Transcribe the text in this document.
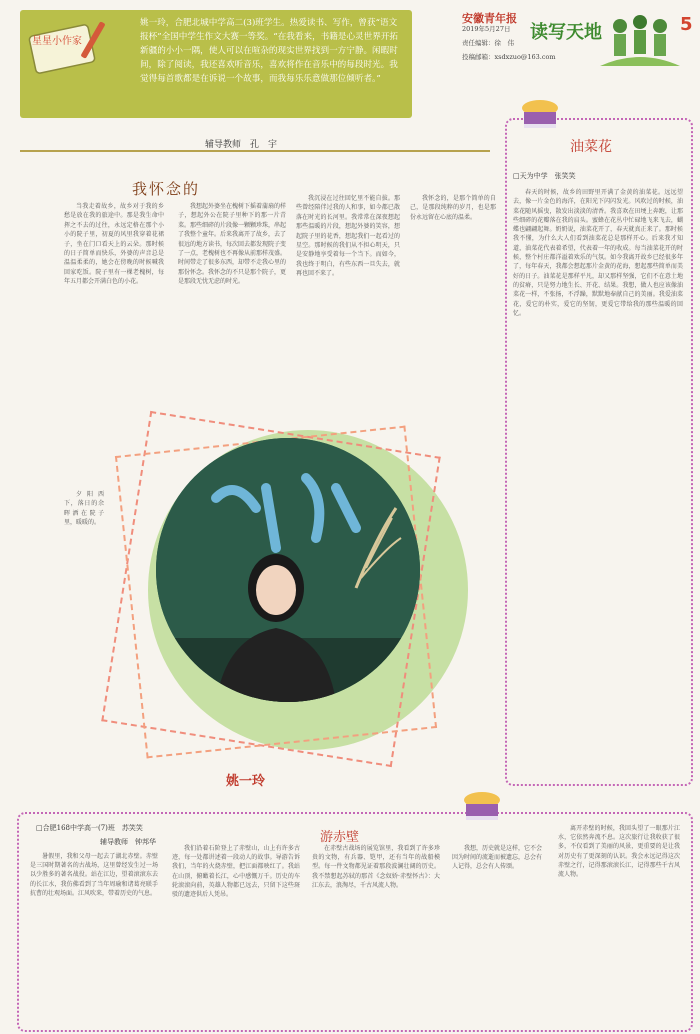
星星小作家
姚一玲，合肥北城中学高二(3)班学生。热爱读书、写作，曾获“语文报杯”全国中学生作文大赛一等奖。“在我看来，书籍是心灵世界开拓新疆的小小一隅，使人可以在喧杂的现实世界找到一方宁静。闲暇时间，除了阅读，我还喜欢听音乐，喜欢将作在音乐中的每段时光。我觉得每首歌都是在诉说一个故事，而我每乐乐意做那位倾听者。”
辅导教师　孔　宇
安徽青年报
2019年5月27日
责任编辑：徐　伟
投稿邮箱：xsdxzuo@163.com
读写天地	5
我怀念的
当我走着故乡，故乡对于我的乡愁是放在我的旅途中。那是我生命中挥之不去的过往，永远定格在那个小小的院子里，初夏的风里我穿着花裙子，坐在门口看天上的云朵。那时候的日子简单而快乐，外婆的声音总是温温柔柔的，她会在傍晚的时候喊我回家吃饭。院子里有一棵老槐树，每年五月都会开满白色的小花。
夕阳西下，落日的余晖洒在院子里，暖暖的。
我想起外婆坐在槐树下摇着蒲扇的样子，想起外公在院子里种下的那一片青菜。那些细碎的片段像一颗颗珍珠，串起了我整个童年。后来我离开了故乡，去了很远的地方读书，每次回去都发现院子变了一点，老槐树也不再像从前那样茂盛。时间带走了很多东西，却带不走我心里的那份怀念。我怀念的不只是那个院子，更是那段无忧无虑的时光。
我沉浸在过往回忆里不能自拔。那些曾经陪伴过我的人和事，如今都已散落在时光的长河里。我常常在深夜想起那些温暖的片段，想起外婆的笑容，想起院子里的花香，想起我们一起看过的星空。那时候的我们从不担心明天，只是安静地享受着每一个当下。而如今，我也终于明白，有些东西一旦失去，就再也回不来了。
我怀念的，是那个简单的自己，是那段纯粹的岁月，也是那份永远留在心底的温柔。
姚一玲
油菜花
□天为中学　张笑笑
春天的时候，故乡的田野里开满了金黄的油菜花。远远望去，像一片金色的海洋，在阳光下闪闪发光。风吹过的时候，油菜花随风摇曳，散发出淡淡的清香。我喜欢在田埂上奔跑，让那些细碎的花瓣落在我的肩头。蜜蜂在花丛中忙碌地飞来飞去，蝴蝶也翩翩起舞。奶奶说，油菜花开了，春天就真正来了。那时候我不懂，为什么大人们看到油菜花总是那样开心。后来我才知道，油菜花代表着希望，代表着一年的收成。每当油菜花开的时候，整个村庄都洋溢着欢乐的气氛。如今我离开故乡已经很多年了，每年春天，我都会想起那片金黄的花海，想起那些简单而美好的日子。油菜花是那样平凡，却又那样坚强，它们不在意土地的贫瘠，只是努力地生长、开花、结果。我想，做人也应该像油菜花一样，不张扬，不浮躁，默默地奉献自己的美丽。我爱油菜花，爱它的朴实，爱它的坚韧，更爱它带给我的那些温暖的回忆。
游赤壁
□合肥168中学高一(7)班　苏笑笑
辅导教师　钟邦华
暑假里，我和父母一起去了湖北赤壁。赤壁是三国时期著名的古战场，这里曾经发生过一场以少胜多的著名战役。站在江边，望着滚滚东去的长江水，我仿佛看到了当年周瑜和诸葛亮联手抗曹的壮观场面。江风吹来，带着历史的气息。
我们沿着石阶登上了赤壁山，山上有许多古迹，每一处都讲述着一段动人的故事。导游告诉我们，当年的火烧赤壁，把江面都映红了。我站在山顶，俯瞰着长江，心中感慨万千。历史的车轮滚滚向前，英雄人物都已远去，只留下这些斑驳的遗迹供后人凭吊。
在赤壁古战场的展览馆里，我看到了许多珍贵的文物，有兵器、铠甲，还有当年的战船模型。每一件文物都见证着那段波澜壮阔的历史。我不禁想起苏轼的那首《念奴娇·赤壁怀古》：大江东去，浪淘尽，千古风流人物。
我想，历史就是这样，它不会因为时间的流逝而被遗忘，总会有人记得，总会有人传颂。
离开赤壁的时候，我回头望了一眼那片江水，它依然奔流不息。这次旅行让我收获了很多，不仅看到了美丽的风景，更重要的是让我对历史有了更深刻的认识。我会永远记得这次赤壁之行，记得那滚滚长江，记得那些千古风流人物。
